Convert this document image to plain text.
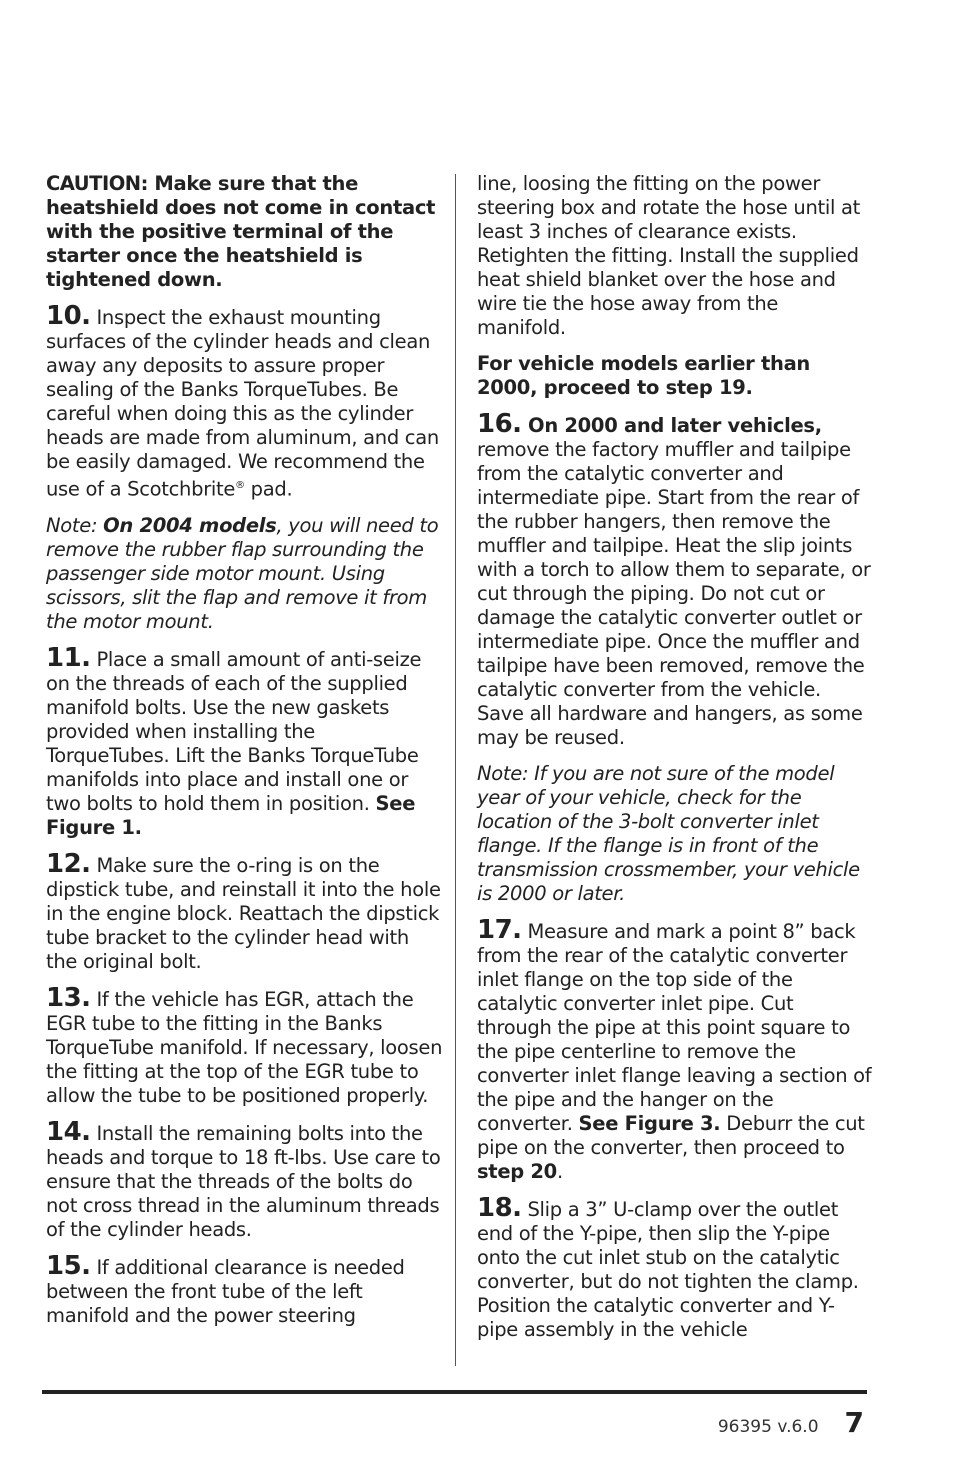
CAUTION: Make sure that the heatshield does not come in contact with the positive terminal of the starter once the heatshield is tightened down.

10. Inspect the exhaust mounting surfaces of the cylinder heads and clean away any deposits to assure proper sealing of the Banks TorqueTubes. Be careful when doing this as the cylinder heads are made from aluminum, and can be easily damaged. We recommend the use of a Scotchbrite® pad.

Note: On 2004 models, you will need to remove the rubber flap surrounding the passenger side motor mount. Using scissors, slit the flap and remove it from the motor mount.

11. Place a small amount of anti-seize on the threads of each of the supplied manifold bolts. Use the new gaskets provided when installing the TorqueTubes. Lift the Banks TorqueTube manifolds into place and install one or two bolts to hold them in position. See Figure 1.

12. Make sure the o-ring is on the dipstick tube, and reinstall it into the hole in the engine block. Reattach the dipstick tube bracket to the cylinder head with the original bolt.

13. If the vehicle has EGR, attach the EGR tube to the fitting in the Banks TorqueTube manifold. If necessary, loosen the fitting at the top of the EGR tube to allow the tube to be positioned properly.

14. Install the remaining bolts into the heads and torque to 18 ft-lbs. Use care to ensure that the threads of the bolts do not cross thread in the aluminum threads of the cylinder heads.

15. If additional clearance is needed between the front tube of the left manifold and the power steering

line, loosing the fitting on the power steering box and rotate the hose until at least 3 inches of clearance exists. Retighten the fitting. Install the supplied heat shield blanket over the hose and wire tie the hose away from the manifold.

For vehicle models earlier than 2000, proceed to step 19.

16. On 2000 and later vehicles, remove the factory muffler and tailpipe from the catalytic converter and intermediate pipe. Start from the rear of the rubber hangers, then remove the muffler and tailpipe. Heat the slip joints with a torch to allow them to separate, or cut through the piping. Do not cut or damage the catalytic converter outlet or intermediate pipe. Once the muffler and tailpipe have been removed, remove the catalytic converter from the vehicle. Save all hardware and hangers, as some may be reused.

Note: If you are not sure of the model year of your vehicle, check for the location of the 3-bolt converter inlet flange. If the flange is in front of the transmission crossmember, your vehicle is 2000 or later.

17. Measure and mark a point 8” back from the rear of the catalytic converter inlet flange on the top side of the catalytic converter inlet pipe. Cut through the pipe at this point square to the pipe centerline to remove the converter inlet flange leaving a section of the pipe and the hanger on the converter. See Figure 3. Deburr the cut pipe on the converter, then proceed to step 20.

18. Slip a 3” U-clamp over the outlet end of the Y-pipe, then slip the Y-pipe onto the cut inlet stub on the catalytic converter, but do not tighten the clamp. Position the catalytic converter and Y-pipe assembly in the vehicle

96395 v.6.0 7
